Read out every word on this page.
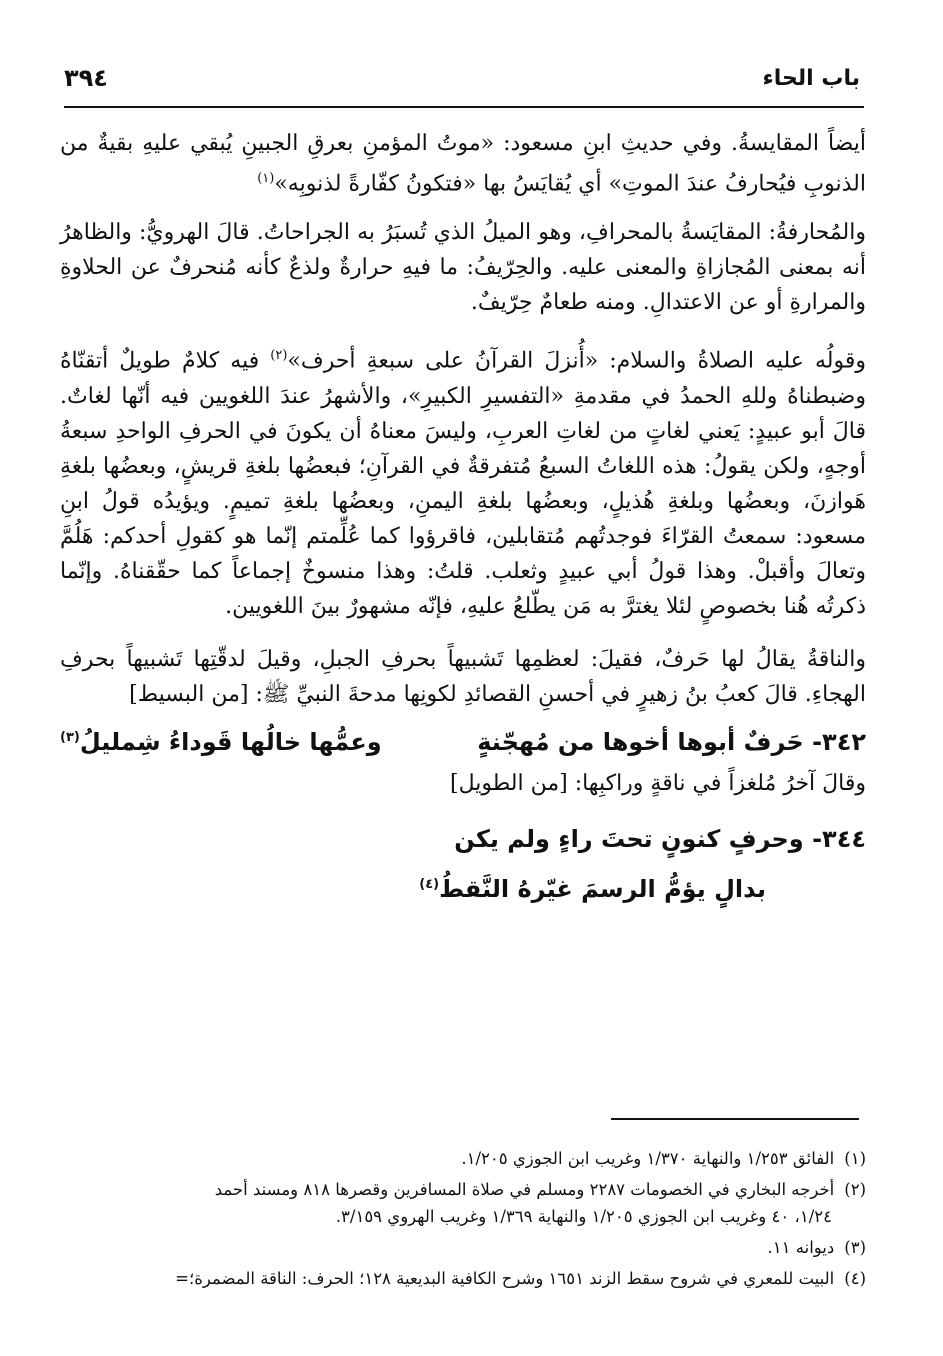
باب الحاء
٣٩٤

أيضاً المقايسةُ. وفي حديثِ ابنِ مسعود: «موتُ المؤمنِ بعرقِ الجبينِ يُبقي عليهِ بقيةٌ من الذنوبِ فيُحارفُ عندَ الموتِ» أي يُقايَسُ بها «فتكونُ كفّارةً لذنوبِه»$^{(١)}$

والمُحارفةُ: المقايَسةُ بالمحرافِ، وهو الميلُ الذي تُسبَرُ به الجراحاتُ. قالَ الهرويُّ: والظاهرُ أنه بمعنى المُجازاةِ والمعنى عليه. والحِرّيفُ: ما فيهِ حرارةٌ ولذعٌ كأنه مُنحرفٌ عن الحلاوةِ والمرارةِ أو عن الاعتدالِ. ومنه طعامٌ حِرّيفٌ.

وقولُه عليه الصلاةُ والسلام: «أُنزلَ القرآنُ على سبعةِ أحرف»$^{(٢)}$ فيه كلامٌ طويلٌ أتقنّاهُ وضبطناهُ وللهِ الحمدُ في مقدمةِ «التفسيرِ الكبيرِ»، والأشهرُ عندَ اللغويين فيه أنّها لغاتٌ. قالَ أبو عبيدٍ: يَعني لغاتٍ من لغاتِ العربِ، وليسَ معناهُ أن يكونَ في الحرفِ الواحدِ سبعةُ أوجهٍ، ولكن يقولُ: هذه اللغاتُ السبعُ مُتفرقةٌ في القرآنِ؛ فبعضُها بلغةِ قريشٍ، وبعضُها بلغةِ هَوازنَ، وبعضُها وبلغةِ هُذيلٍ، وبعضُها بلغةِ اليمنِ، وبعضُها بلغةِ تميمٍ. ويؤيدُه قولُ ابنِ مسعود: سمعتُ القرّاءَ فوجدتُهم مُتقابلين، فاقرؤوا كما عُلِّمتم إنّما هو كقولِ أحدكم: هَلُمَّ وتعالَ وأقبلْ. وهذا قولُ أبي عبيدٍ وثعلب. قلتُ: وهذا منسوخٌ إجماعاً كما حقّقناهُ. وإنّما ذكرتُه هُنا بخصوصٍ لئلا يغترَّ به مَن يطّلعُ عليهِ، فإنّه مشهورٌ بينَ اللغويين.

والناقةُ يقالُ لها حَرفٌ، فقيلَ: لعظمِها تَشبيهاً بحرفِ الجبلِ، وقيلَ لدقّتِها تَشبيهاً بحرفِ الهجاءِ. قالَ كعبُ بنُ زهيرٍ في أحسنِ القصائدِ لكونِها مدحةَ النبيِّ ﷺ: [من البسيط]

٣٤٢- حَرفٌ أبوها أخوها من مُهجّنةٍ
وعمُّها خالُها قَوداءُ شِمليلُ$^{(٣)}$

وقالَ آخرُ مُلغزاً في ناقةٍ وراكبِها: [من الطويل]

٣٤٤- وحرفٍ كنونٍ تحتَ راءٍ ولم يكن
بدالٍ يؤمُّ الرسمَ غيّرهُ النَّقطُ$^{(٤)}$

(١)الفائق ١/٢٥٣ والنهاية ١/٣٧٠ وغريب ابن الجوزي ١/٢٠٥.

(٢)أخرجه البخاري في الخصومات ٢٢٨٧ ومسلم في صلاة المسافرين وقصرها ٨١٨ ومسند أحمد
١/٢٤، ٤٠ وغريب ابن الجوزي ١/٢٠٥ والنهاية ١/٣٦٩ وغريب الهروي ٣/١٥٩.

(٣)ديوانه ١١.

(٤)البيت للمعري في شروح سقط الزند ١٦٥١ وشرح الكافية البديعية ١٢٨؛ الحرف: الناقة المضمرة؛=
